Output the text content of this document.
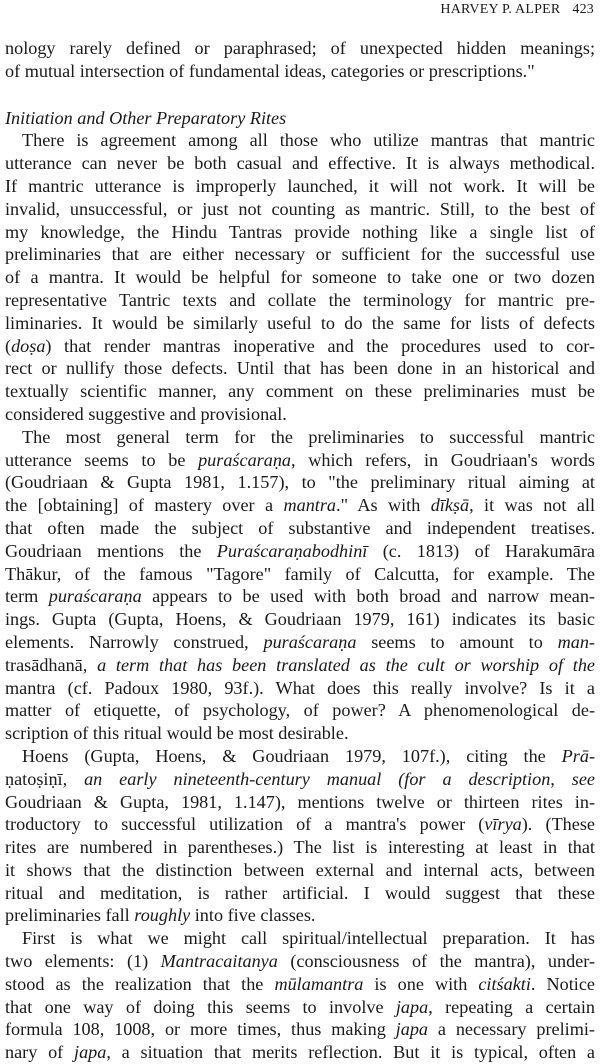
HARVEY P. ALPER 423
nology rarely defined or paraphrased; of unexpected hidden meanings;
of mutual intersection of fundamental ideas, categories or prescriptions."
Initiation and Other Preparatory Rites
There is agreement among all those who utilize mantras that mantric
utterance can never be both casual and effective. It is always methodical.
If mantric utterance is improperly launched, it will not work. It will be
invalid, unsuccessful, or just not counting as mantric. Still, to the best of
my knowledge, the Hindu Tantras provide nothing like a single list of
preliminaries that are either necessary or sufficient for the successful use
of a mantra. It would be helpful for someone to take one or two dozen
representative Tantric texts and collate the terminology for mantric pre-
liminaries. It would be similarly useful to do the same for lists of defects
(doṣa) that render mantras inoperative and the procedures used to cor-
rect or nullify those defects. Until that has been done in an historical and
textually scientific manner, any comment on these preliminaries must be
considered suggestive and provisional.
The most general term for the preliminaries to successful mantric
utterance seems to be puraścaraṇa, which refers, in Goudriaan's words
(Goudriaan & Gupta 1981, 1.157), to "the preliminary ritual aiming at
the [obtaining] of mastery over a mantra." As with dīkṣā, it was not all
that often made the subject of substantive and independent treatises.
Goudriaan mentions the Puraścaraṇabodhinī (c. 1813) of Harakumāra
Thākur, of the famous "Tagore" family of Calcutta, for example. The
term puraścaraṇa appears to be used with both broad and narrow mean-
ings. Gupta (Gupta, Hoens, & Goudriaan 1979, 161) indicates its basic
elements. Narrowly construed, puraścaraṇa seems to amount to man-
trasādhanā, a term that has been translated as the cult or worship of the
mantra (cf. Padoux 1980, 93f.). What does this really involve? Is it a
matter of etiquette, of psychology, of power? A phenomenological de-
scription of this ritual would be most desirable.
Hoens (Gupta, Hoens, & Goudriaan 1979, 107f.), citing the Prā-
ṇatoṣiṇī, an early nineteenth-century manual (for a description, see
Goudriaan & Gupta, 1981, 1.147), mentions twelve or thirteen rites in-
troductory to successful utilization of a mantra's power (vīrya). (These
rites are numbered in parentheses.) The list is interesting at least in that
it shows that the distinction between external and internal acts, between
ritual and meditation, is rather artificial. I would suggest that these
preliminaries fall roughly into five classes.
First is what we might call spiritual/intellectual preparation. It has
two elements: (1) Mantracaitanya (consciousness of the mantra), under-
stood as the realization that the mūlamantra is one with citśakti. Notice
that one way of doing this seems to involve japa, repeating a certain
formula 108, 1008, or more times, thus making japa a necessary prelimi-
nary of japa, a situation that merits reflection. But it is typical, often a
